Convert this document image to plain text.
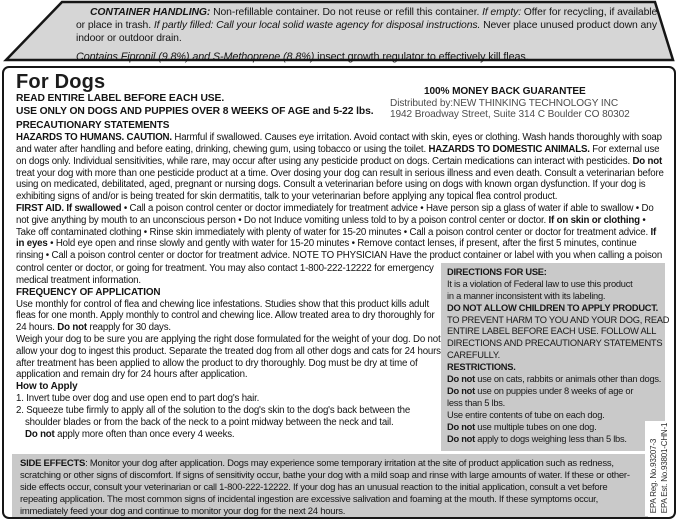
CONTAINER HANDLING: Non-refillable container. Do not reuse or refill this container. If empty: Offer for recycling, if available or place in trash. If partly filled: Call your local solid waste agency for disposal instructions. Never place unused product down any indoor or outdoor drain.
Contains Fipronil (9.8%) and S-Methoprene (8.8%) insect growth regulator to effectively kill fleas.
For Dogs
READ ENTIRE LABEL BEFORE EACH USE.
USE ONLY ON DOGS AND PUPPIES OVER 8 WEEKS OF AGE and 5-22 lbs.
100% MONEY BACK GUARANTEE
Distributed by:NEW THINKING TECHNOLOGY INC
1942 Broadway Street, Suite 314 C Boulder CO 80302
PRECAUTIONARY STATEMENTS
HAZARDS TO HUMANS. CAUTION. Harmful if swallowed. Causes eye irritation. Avoid contact with skin, eyes or clothing. Wash hands thoroughly with soap and water after handling and before eating, drinking, chewing gum, using tobacco or using the toilet. HAZARDS TO DOMESTIC ANIMALS. For external use on dogs only. Individual sensitivities, while rare, may occur after using any pesticide product on dogs. Certain medications can interact with pesticides. Do not treat your dog with more than one pesticide product at a time. Over dosing your dog can result in serious illness and even death. Consult a veterinarian before using on medicated, debilitated, aged, pregnant or nursing dogs. Consult a veterinarian before using on dogs with known organ dysfunction. If your dog is exhibiting signs of and/or is being treated for skin dermatitis, talk to your veterinarian before applying any topical flea control product.
FIRST AID. If swallowed • Call a poison control center or doctor immediately for treatment advice • Have person sip a glass of water if able to swallow • Do not give anything by mouth to an unconscious person • Do not Induce vomiting unless told to by a poison control center or doctor. If on skin or clothing • Take off contaminated clothing • Rinse skin immediately with plenty of water for 15-20 minutes • Call a poison control center or doctor for treatment advice. If in eyes • Hold eye open and rinse slowly and gently with water for 15-20 minutes • Remove contact lenses, if present, after the first 5 minutes, continue rinsing • Call a poison control center or doctor for treatment advice. NOTE TO PHYSICIAN Have the product container or label with you when calling a poison
control center or doctor, or going for treatment. You may also contact 1-800-222-12222 for emergency medical treatment information.
FREQUENCY OF APPLICATION
Use monthly for control of flea and chewing lice infestations. Studies show that this product kills adult fleas for one month. Apply monthly to control and chewing lice. Allow treated area to dry thoroughly for 24 hours. Do not reapply for 30 days.
Weigh your dog to be sure you are applying the right dose formulated for the weight of your dog. Do not allow your dog to ingest this product. Separate the treated dog from all other dogs and cats for 24 hours after treatment has been applied to allow the product to dry thoroughly. Dog must be dry at time of application and remain dry for 24 hours after application.
How to Apply
1. Invert tube over dog and use open end to part dog's hair.
2. Squeeze tube firmly to apply all of the solution to the dog's skin to the dog's back between the shoulder blades or from the back of the neck to a point midway between the neck and tail.
Do not apply more often than once every 4 weeks.
DIRECTIONS FOR USE:
It is a violation of Federal law to use this product
in a manner inconsistent with its labeling.
DO NOT ALLOW CHILDREN TO APPLY PRODUCT.
TO PREVENT HARM TO YOU AND YOUR DOG, READ
ENTIRE LABEL BEFORE EACH USE. FOLLOW ALL
DIRECTIONS AND PRECAUTIONARY STATEMENTS
CAREFULLY.
RESTRICTIONS.
Do not use on cats, rabbits or animals other than dogs.
Do not use on puppies under 8 weeks of age or
less than 5 lbs.
Use entire contents of tube on each dog.
Do not use multiple tubes on one dog.
Do not apply to dogs weighing less than 5 lbs.
SIDE EFFECTS: Monitor your dog after application. Dogs may experience some temporary irritation at the site of product application such as redness, scratching or other signs of discomfort. If signs of sensitivity occur, bathe your dog with a mild soap and rinse with large amounts of water. If these or other-side effects occur, consult your veterinarian or call 1-800-222-12222. If your dog has an unusual reaction to the initial application, consult a vet before repeating application. The most common signs of incidental ingestion are excessive salivation and foaming at the mouth. If these symptoms occur, immediately feed your dog and continue to monitor your dog for the next 24 hours.	EPA Reg. No.93207-3 EPA Est. No.93801-CHN-1
